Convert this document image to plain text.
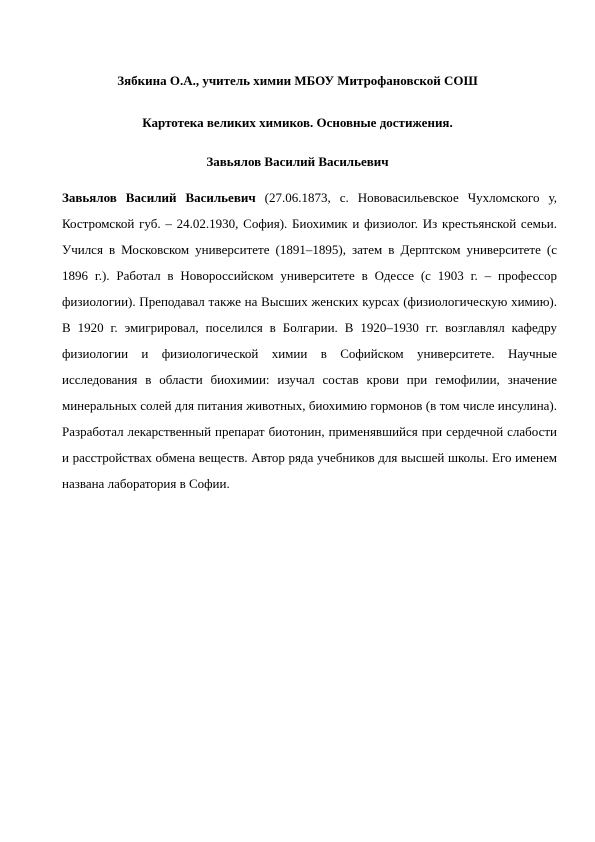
Зябкина О.А., учитель химии МБОУ Митрофановской СОШ

Картотека великих химиков. Основные достижения.

Завьялов Василий Васильевич

Завьялов Василий Васильевич (27.06.1873, с. Нововасильевское Чухломского у, Костромской губ. – 24.02.1930, София). Биохимик и физиолог. Из крестьянской семьи. Учился в Московском университете (1891–1895), затем в Дерптском университете (с 1896 г.). Работал в Новороссийском университете в Одессе (с 1903 г. – профессор физиологии). Преподавал также на Высших женских курсах (физиологическую химию). В 1920 г. эмигрировал, поселился в Болгарии. В 1920–1930 гг. возглавлял кафедру физиологии и физиологической химии в Софийском университете. Научные исследования в области биохимии: изучал состав крови при гемофилии, значение минеральных солей для питания животных, биохимию гормонов (в том числе инсулина). Разработал лекарственный препарат биотонин, применявшийся при сердечной слабости и расстройствах обмена веществ. Автор ряда учебников для высшей школы. Его именем названа лаборатория в Софии.
